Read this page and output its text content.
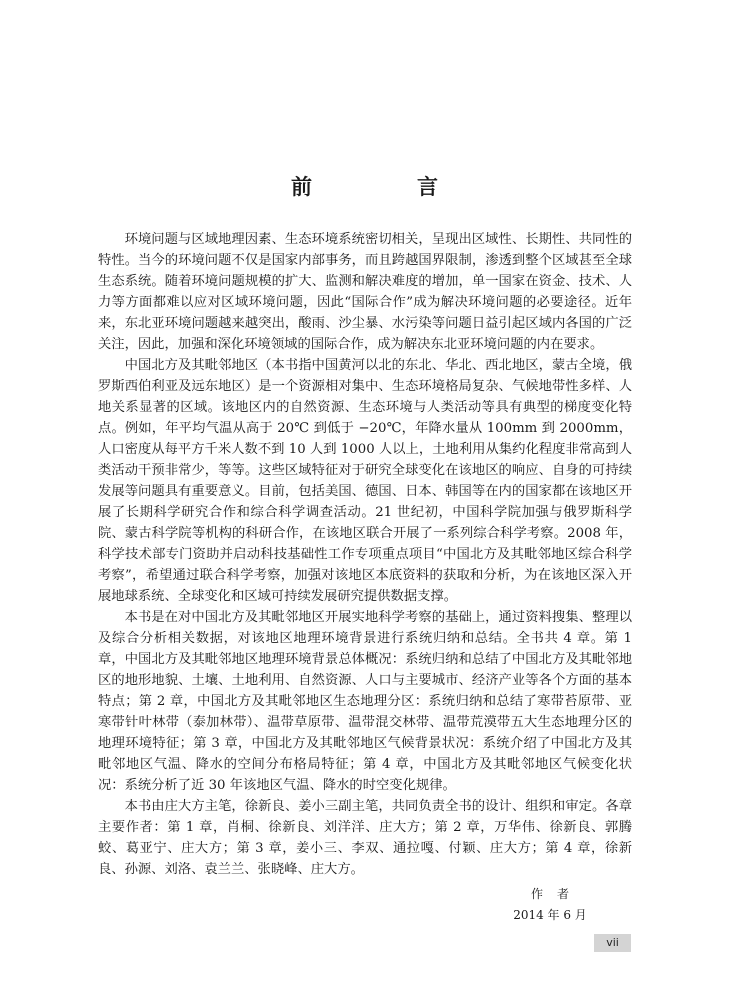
前　言

环境问题与区域地理因素、生态环境系统密切相关，呈现出区域性、长期性、共同性的特性。当今的环境问题不仅是国家内部事务，而且跨越国界限制，渗透到整个区域甚至全球生态系统。随着环境问题规模的扩大、监测和解决难度的增加，单一国家在资金、技术、人力等方面都难以应对区域环境问题，因此“国际合作”成为解决环境问题的必要途径。近年来，东北亚环境问题越来越突出，酸雨、沙尘暴、水污染等问题日益引起区域内各国的广泛关注，因此，加强和深化环境领域的国际合作，成为解决东北亚环境问题的内在要求。

中国北方及其毗邻地区（本书指中国黄河以北的东北、华北、西北地区，蒙古全境，俄罗斯西伯利亚及远东地区）是一个资源相对集中、生态环境格局复杂、气候地带性多样、人地关系显著的区域。该地区内的自然资源、生态环境与人类活动等具有典型的梯度变化特点。例如，年平均气温从高于 20℃ 到低于 −20℃，年降水量从 100mm 到 2000mm，人口密度从每平方千米人数不到 10 人到 1000 人以上，土地利用从集约化程度非常高到人类活动干预非常少，等等。这些区域特征对于研究全球变化在该地区的响应、自身的可持续发展等问题具有重要意义。目前，包括美国、德国、日本、韩国等在内的国家都在该地区开展了长期科学研究合作和综合科学调查活动。21 世纪初，中国科学院加强与俄罗斯科学院、蒙古科学院等机构的科研合作，在该地区联合开展了一系列综合科学考察。2008 年，科学技术部专门资助并启动科技基础性工作专项重点项目“中国北方及其毗邻地区综合科学考察”，希望通过联合科学考察，加强对该地区本底资料的获取和分析，为在该地区深入开展地球系统、全球变化和区域可持续发展研究提供数据支撑。

本书是在对中国北方及其毗邻地区开展实地科学考察的基础上，通过资料搜集、整理以及综合分析相关数据，对该地区地理环境背景进行系统归纳和总结。全书共 4 章。第 1 章，中国北方及其毗邻地区地理环境背景总体概况：系统归纳和总结了中国北方及其毗邻地区的地形地貌、土壤、土地利用、自然资源、人口与主要城市、经济产业等各个方面的基本特点；第 2 章，中国北方及其毗邻地区生态地理分区：系统归纳和总结了寒带苔原带、亚寒带针叶林带（泰加林带）、温带草原带、温带混交林带、温带荒漠带五大生态地理分区的地理环境特征；第 3 章，中国北方及其毗邻地区气候背景状况：系统介绍了中国北方及其毗邻地区气温、降水的空间分布格局特征；第 4 章，中国北方及其毗邻地区气候变化状况：系统分析了近 30 年该地区气温、降水的时空变化规律。

本书由庄大方主笔，徐新良、姜小三副主笔，共同负责全书的设计、组织和审定。各章主要作者：第 1 章，肖桐、徐新良、刘洋洋、庄大方；第 2 章，万华伟、徐新良、郭腾蛟、葛亚宁、庄大方；第 3 章，姜小三、李双、通拉嘎、付颖、庄大方；第 4 章，徐新良、孙源、刘洛、袁兰兰、张晓峰、庄大方。

作者
2014 年 6 月
vii
